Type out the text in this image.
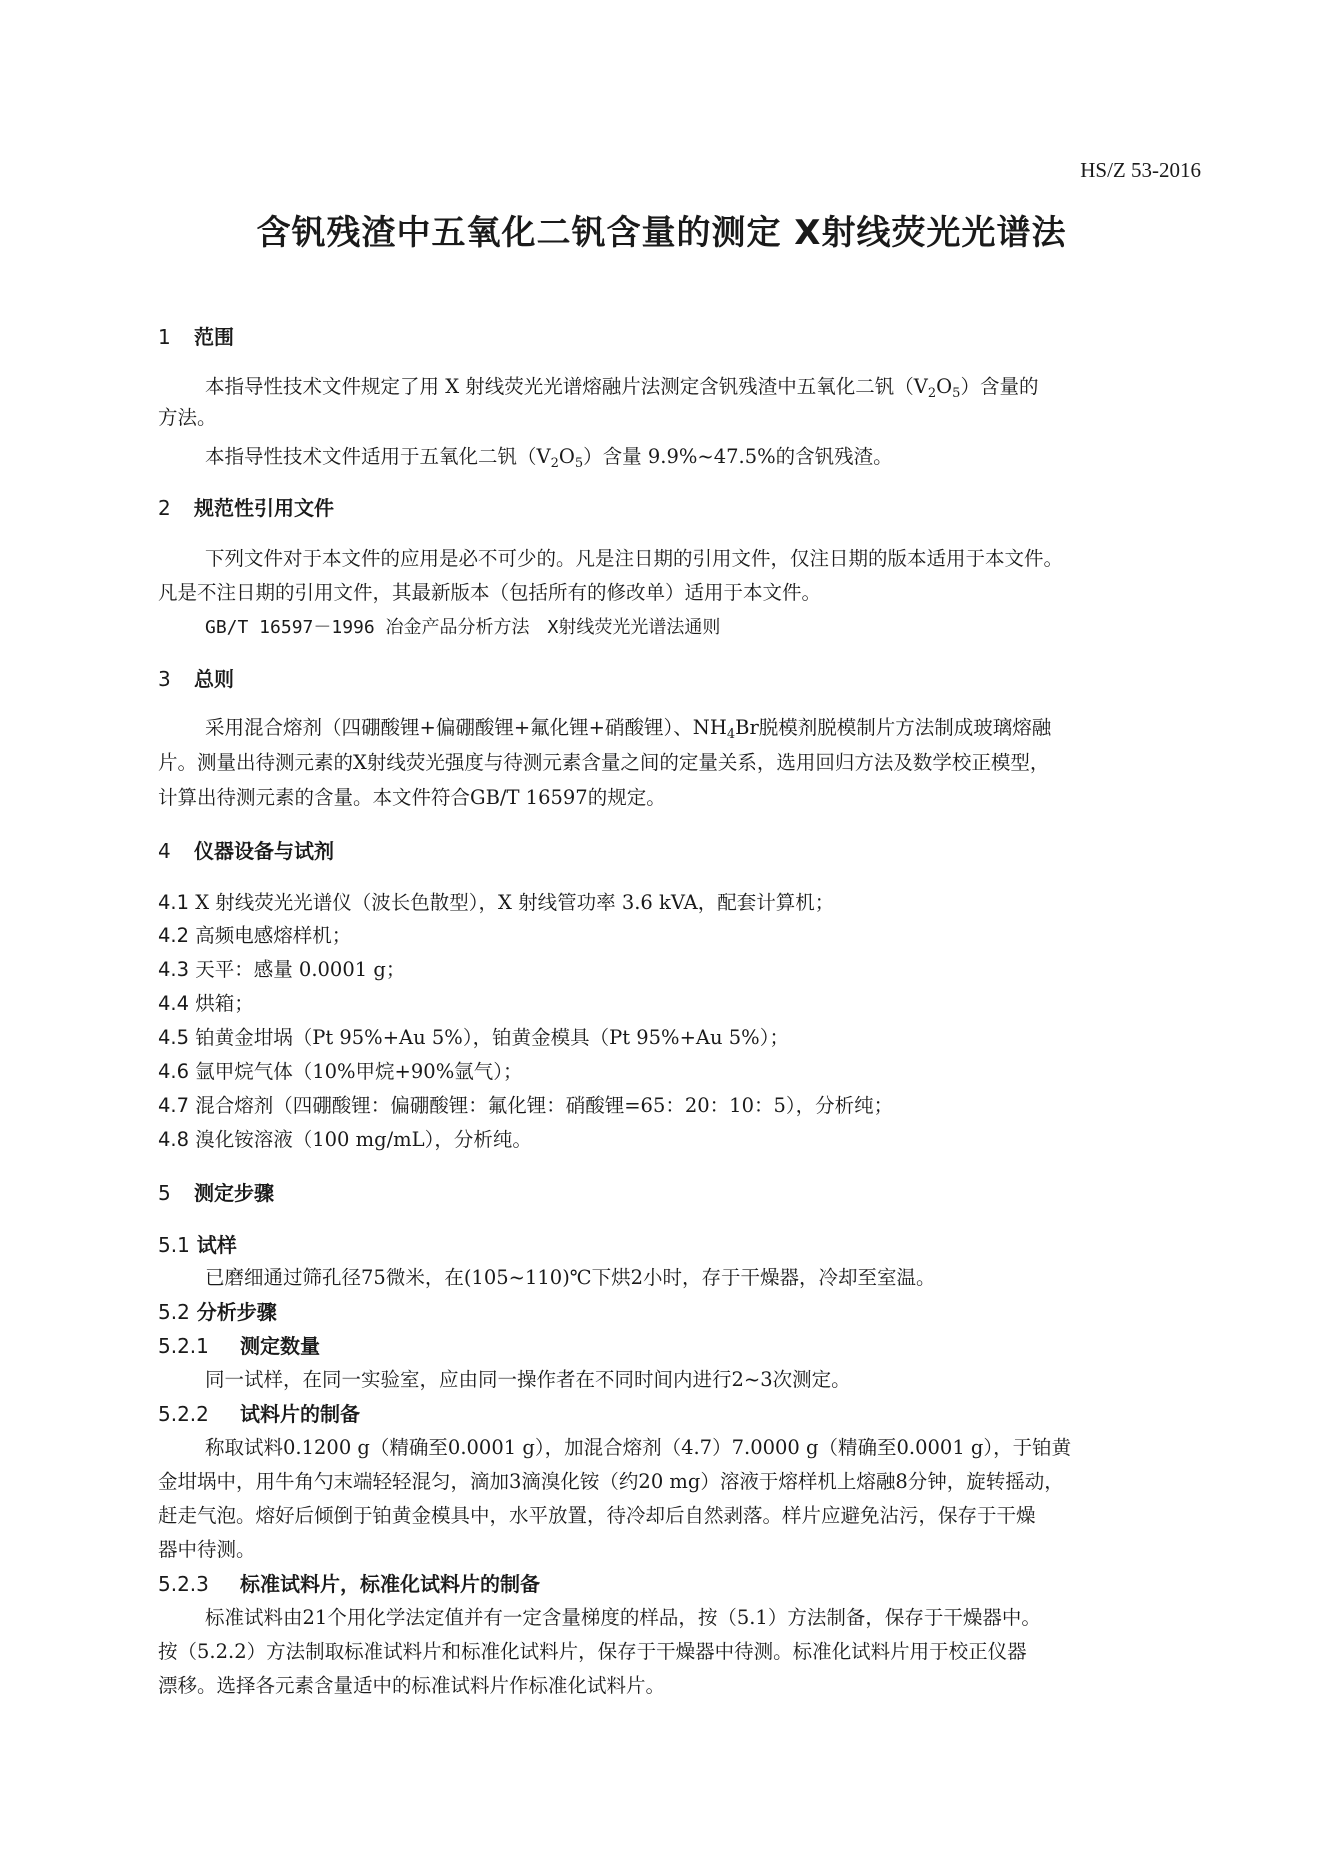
HS/Z 53-2016
含钒残渣中五氧化二钒含量的测定 X射线荧光光谱法
1 范围
本指导性技术文件规定了用 X 射线荧光光谱熔融片法测定含钒残渣中五氧化二钒$(V_2O_5)$含量的
方法。
本指导性技术文件适用于五氧化二钒$(V_2O_5)$含量 9.9%~47.5%的含钒残渣。
2 规范性引用文件
下列文件对于本文件的应用是必不可少的。凡是注日期的引用文件，仅注日期的版本适用于本文件。
凡是不注日期的引用文件，其最新版本（包括所有的修改单）适用于本文件。
GB/T 16597－1996 冶金产品分析方法　X射线荧光光谱法通则
3 总则
采用混合熔剂（四硼酸锂+偏硼酸锂+氟化锂+硝酸锂）、$NH_4Br$脱模剂脱模制片方法制成玻璃熔融
片。测量出待测元素的X射线荧光强度与待测元素含量之间的定量关系，选用回归方法及数学校正模型，
计算出待测元素的含量。本文件符合GB/T 16597的规定。
4 仪器设备与试剂
4.1 X 射线荧光光谱仪（波长色散型），X 射线管功率 3.6 kVA，配套计算机；
4.2 高频电感熔样机；
4.3 天平：感量 0.0001 g；
4.4 烘箱；
4.5 铂黄金坩埚（Pt 95%+Au 5%），铂黄金模具（Pt 95%+Au 5%）；
4.6 氩甲烷气体（10%甲烷+90%氩气）；
4.7 混合熔剂（四硼酸锂：偏硼酸锂：氟化锂：硝酸锂=65：20：10：5），分析纯；
4.8 溴化铵溶液（100 mg/mL），分析纯。
5 测定步骤
5.1 试样
已磨细通过筛孔径75微米，在(105~110)℃下烘2小时，存于干燥器，冷却至室温。
5.2 分析步骤
5.2.1 测定数量
同一试样，在同一实验室，应由同一操作者在不同时间内进行2~3次测定。
5.2.2 试料片的制备
称取试料0.1200 g（精确至0.0001 g），加混合熔剂（4.7）7.0000 g（精确至0.0001 g），于铂黄
金坩埚中，用牛角勺末端轻轻混匀，滴加3滴溴化铵（约20 mg）溶液于熔样机上熔融8分钟，旋转摇动，
赶走气泡。熔好后倾倒于铂黄金模具中，水平放置，待冷却后自然剥落。样片应避免沾污，保存于干燥
器中待测。
5.2.3 标准试料片，标准化试料片的制备
标准试料由21个用化学法定值并有一定含量梯度的样品，按（5.1）方法制备，保存于干燥器中。
按（5.2.2）方法制取标准试料片和标准化试料片，保存于干燥器中待测。标准化试料片用于校正仪器
漂移。选择各元素含量适中的标准试料片作标准化试料片。
